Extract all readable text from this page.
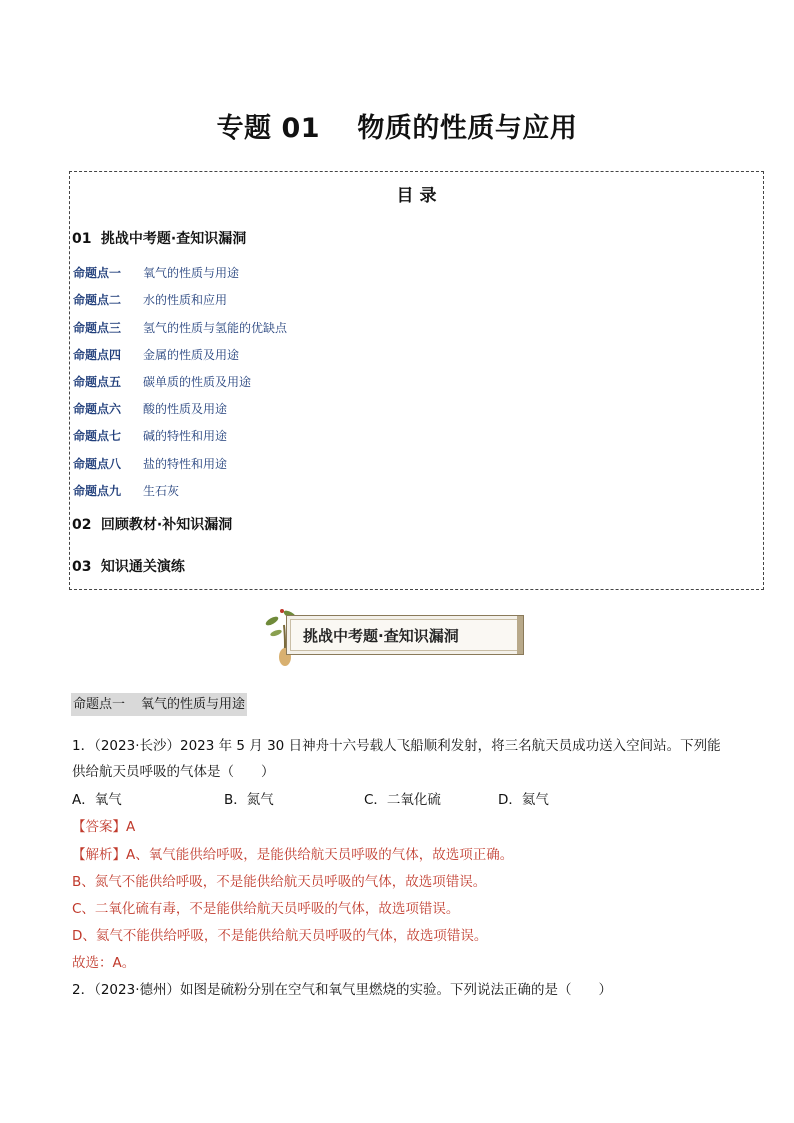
专题 01　 物质的性质与应用
目 录
01 挑战中考题·查知识漏洞
命题点一 氧气的性质与用途
命题点二 水的性质和应用
命题点三 氢气的性质与氢能的优缺点
命题点四 金属的性质及用途
命题点五 碳单质的性质及用途
命题点六 酸的性质及用途
命题点七 碱的特性和用途
命题点八 盐的特性和用途
命题点九 生石灰
02 回顾教材·补知识漏洞
03 知识通关演练
挑战中考题·查知识漏洞
命题点一 氧气的性质与用途
1．（2023·长沙）2023 年 5 月 30 日神舟十六号载人飞船顺利发射，将三名航天员成功送入空间站。下列能
供给航天员呼吸的气体是（　　）
A．氧气	B．氮气	C．二氧化硫	D．氦气
【答案】A
【解析】A、氧气能供给呼吸，是能供给航天员呼吸的气体，故选项正确。
B、氮气不能供给呼吸，不是能供给航天员呼吸的气体，故选项错误。
C、二氧化硫有毒，不是能供给航天员呼吸的气体，故选项错误。
D、氦气不能供给呼吸，不是能供给航天员呼吸的气体，故选项错误。
故选：A。
2．（2023·德州）如图是硫粉分别在空气和氧气里燃烧的实验。下列说法正确的是（　　）
